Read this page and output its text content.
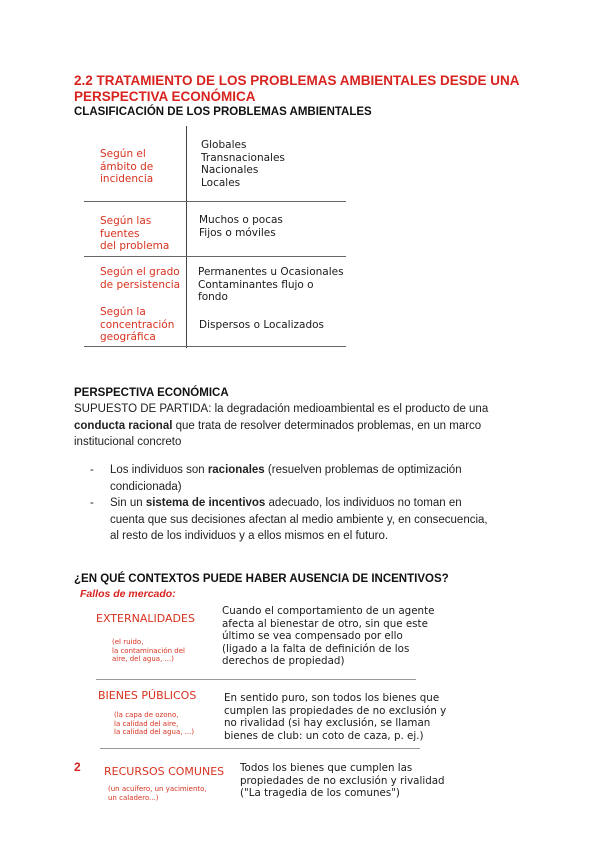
2.2 TRATAMIENTO DE LOS PROBLEMAS AMBIENTALES DESDE UNA
PERSPECTIVA ECONÓMICA
CLASIFICACIÓN DE LOS PROBLEMAS AMBIENTALES
Según el
ámbito de
incidencia
Globales
Transnacionales
Nacionales
Locales
Según las
fuentes
del problema
Muchos o pocas
Fijos o móviles
Según el grado
de persistencia
Permanentes u Ocasionales
Contaminantes flujo o fondo
Según la
concentración
geográfica
Dispersos o Localizados
PERSPECTIVA ECONÓMICA
SUPUESTO DE PARTIDA: la degradación medioambiental es el producto de una
conducta racional que trata de resolver determinados problemas, en un marco
institucional concreto
-	Los individuos son racionales (resuelven problemas de optimización
condicionada)
-	Sin un sistema de incentivos adecuado, los individuos no toman en
cuenta que sus decisiones afectan al medio ambiente y, en consecuencia,
al resto de los individuos y a ellos mismos en el futuro.
¿EN QUÉ CONTEXTOS PUEDE HABER AUSENCIA DE INCENTIVOS?
Fallos de mercado:
EXTERNALIDADES
(el ruido,
la contaminación del
aire, del agua, ...)
Cuando el comportamiento de un agente
afecta al bienestar de otro, sin que este
último se vea compensado por ello
(ligado a la falta de definición de los
derechos de propiedad)
BIENES PÚBLICOS
(la capa de ozono,
la calidad del aire,
la calidad del agua, ...)
En sentido puro, son todos los bienes que
cumplen las propiedades de no exclusión y
no rivalidad (si hay exclusión, se llaman
bienes de club: un coto de caza, p. ej.)
2 RECURSOS COMUNES
(un acuífero, un yacimiento,
un caladero...)
Todos los bienes que cumplen las
propiedades de no exclusión y rivalidad
("La tragedia de los comunes")
